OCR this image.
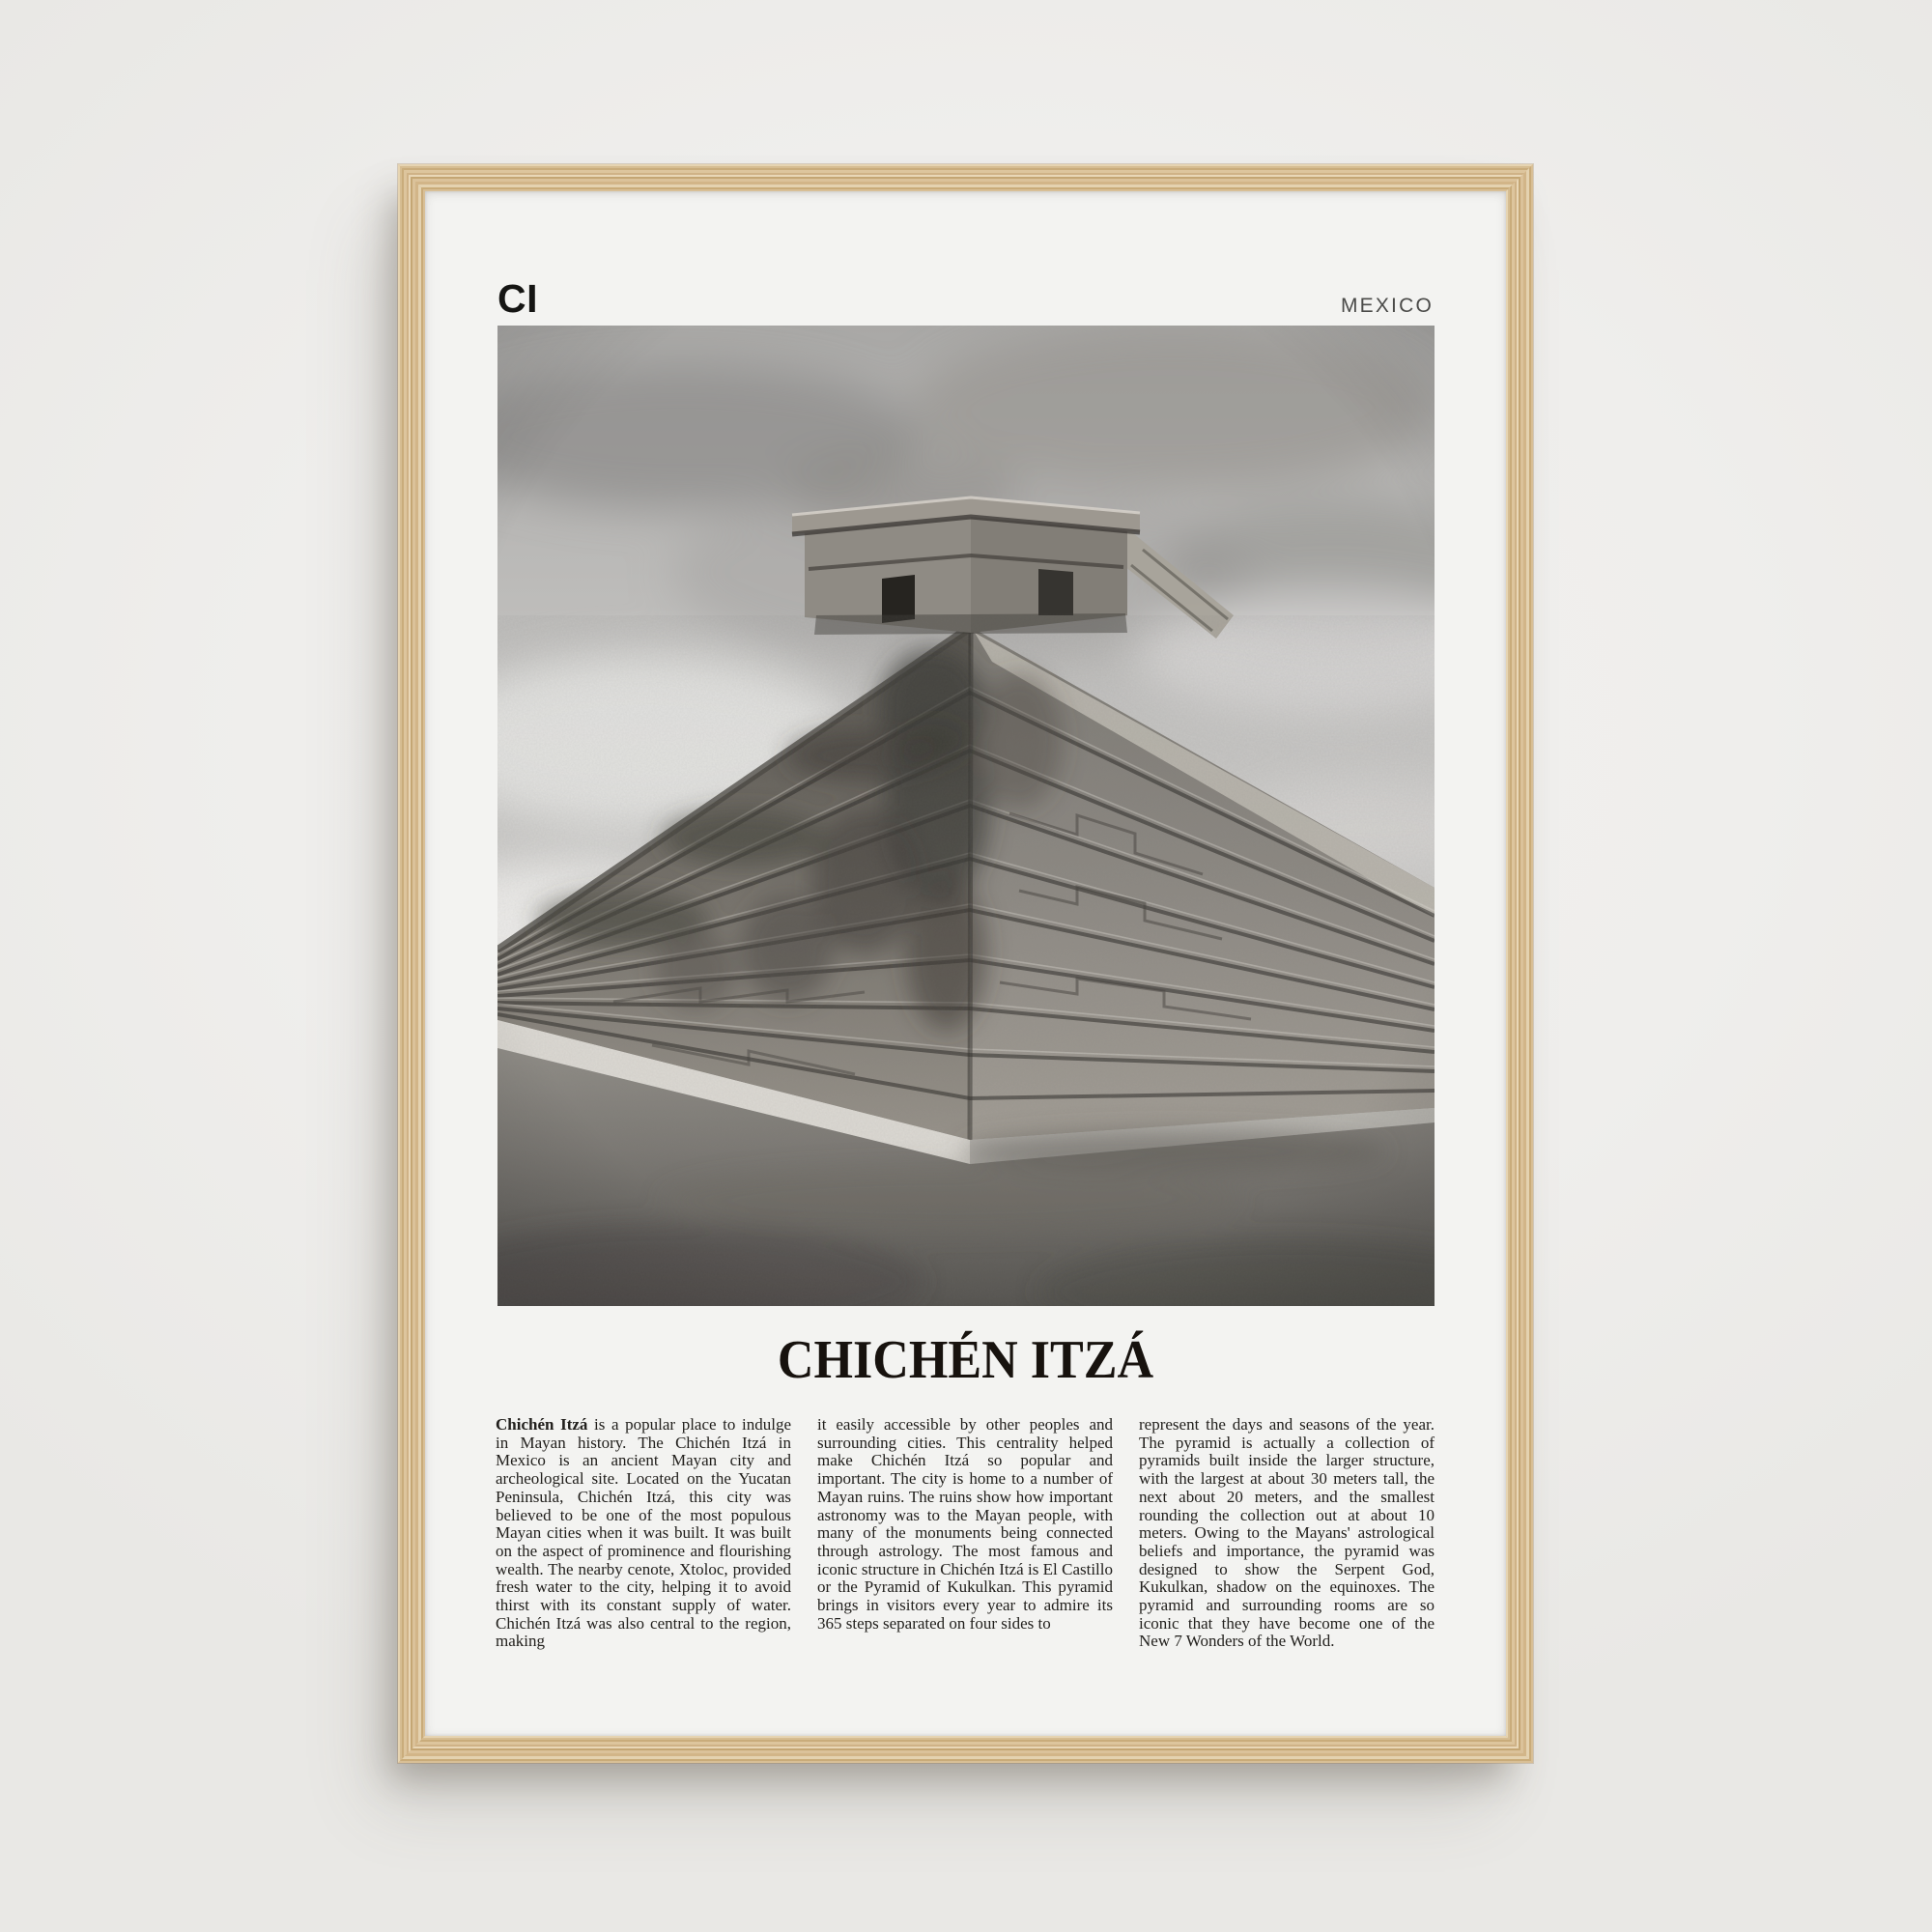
CI	MEXICO
CHICHÉN ITZÁ
Chichén Itzá is a popular place to indulge in Mayan history. The Chichén Itzá in Mexico is an ancient Mayan city and archeological site. Located on the Yucatan Peninsula, Chichén Itzá, this city was believed to be one of the most populous Mayan cities when it was built. It was built on the aspect of prominence and flourishing wealth. The nearby cenote, Xtoloc, provided fresh water to the city, helping it to avoid thirst with its constant supply of water. Chichén Itzá was also central to the region, making
it easily accessible by other peoples and surrounding cities. This centrality helped make Chichén Itzá so popular and important. The city is home to a number of Mayan ruins. The ruins show how important astronomy was to the Mayan people, with many of the monuments being connected through astrology. The most famous and iconic structure in Chichén Itzá is El Castillo or the Pyramid of Kukulkan. This pyramid brings in visitors every year to admire its 365 steps separated on four sides to
represent the days and seasons of the year. The pyramid is actually a collection of pyramids built inside the larger structure, with the largest at about 30 meters tall, the next about 20 meters, and the smallest rounding the collection out at about 10 meters. Owing to the Mayans' astrological beliefs and importance, the pyramid was designed to show the Serpent God, Kukulkan, shadow on the equinoxes. The pyramid and surrounding rooms are so iconic that they have become one of the New 7 Wonders of the World.
